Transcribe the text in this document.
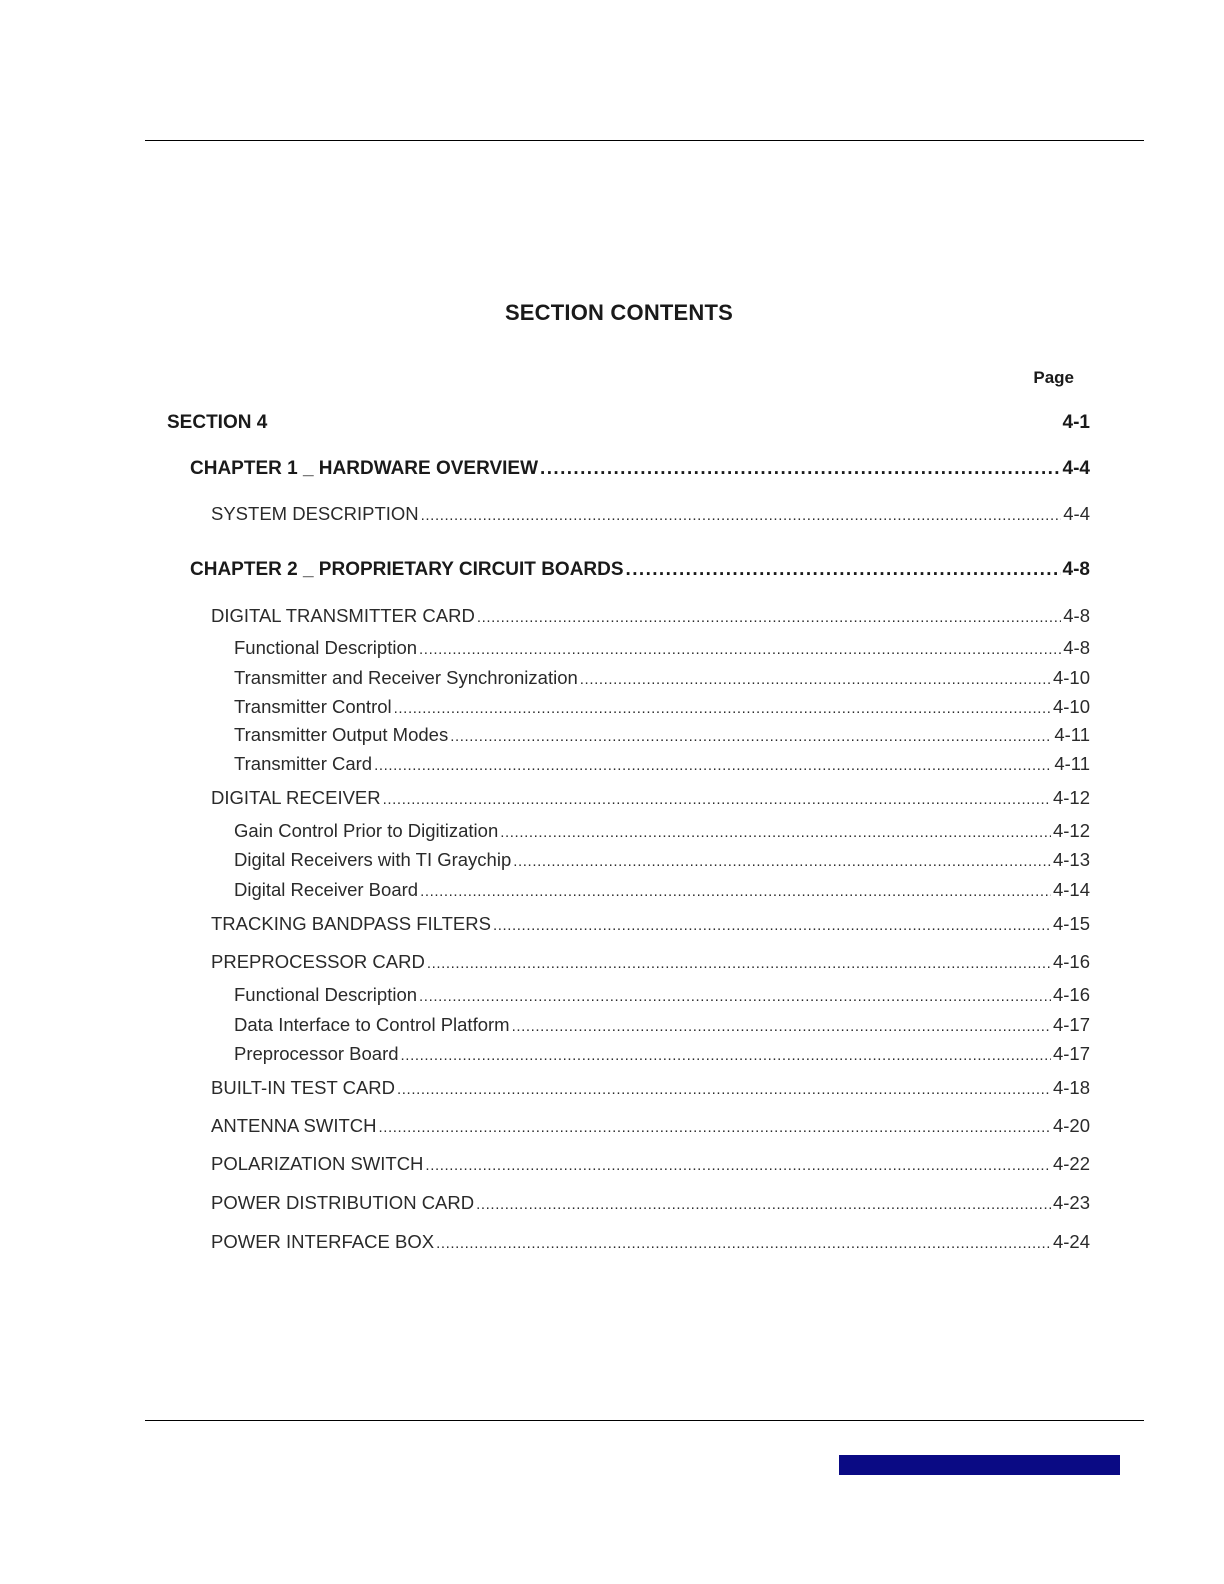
SECTION CONTENTS
Page
SECTION 4	4-1
CHAPTER 1 _ HARDWARE OVERVIEW .....	4-4
SYSTEM DESCRIPTION .....	4-4
CHAPTER 2 _ PROPRIETARY CIRCUIT BOARDS .....	4-8
DIGITAL TRANSMITTER CARD .....	4-8
Functional Description .....	4-8
Transmitter and Receiver Synchronization .....	4-10
Transmitter Control .....	4-10
Transmitter Output Modes .....	4-11
Transmitter Card .....	4-11
DIGITAL RECEIVER .....	4-12
Gain Control Prior to Digitization .....	4-12
Digital Receivers with TI Graychip .....	4-13
Digital Receiver Board .....	4-14
TRACKING BANDPASS FILTERS .....	4-15
PREPROCESSOR CARD .....	4-16
Functional Description .....	4-16
Data Interface to Control Platform .....	4-17
Preprocessor Board .....	4-17
BUILT-IN TEST CARD .....	4-18
ANTENNA SWITCH .....	4-20
POLARIZATION SWITCH .....	4-22
POWER DISTRIBUTION CARD .....	4-23
POWER INTERFACE BOX .....	4-24
